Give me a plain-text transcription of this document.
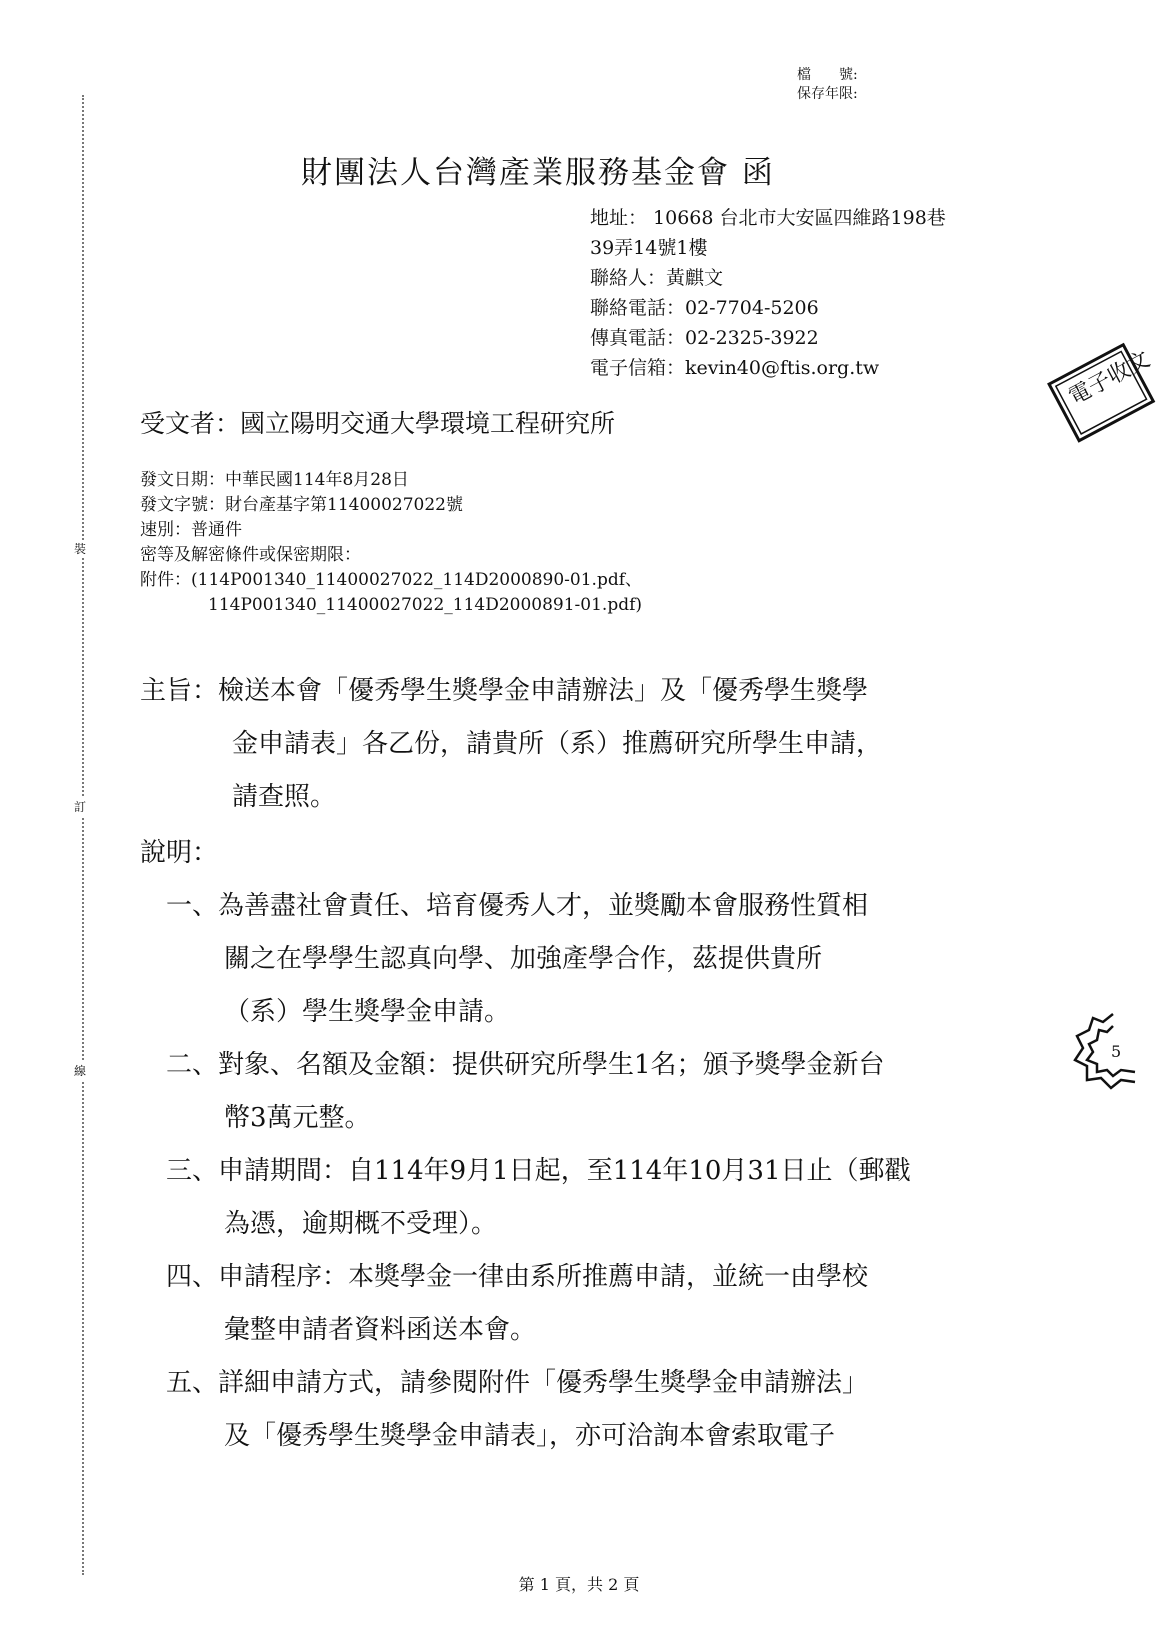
裝
訂
線
檔　　號:
保存年限:
財團法人台灣產業服務基金會 函
地址： 10668 台北市大安區四維路198巷
39弄14號1樓
聯絡人：黃麒文
聯絡電話：02-7704-5206
傳真電話：02-2325-3922
電子信箱：kevin40@ftis.org.tw	電子收文
受文者：國立陽明交通大學環境工程研究所
發文日期：中華民國114年8月28日
發文字號：財台產基字第11400027022號
速別：普通件
密等及解密條件或保密期限：
附件：(114P001340_11400027022_114D2000890-01.pdf、
114P001340_11400027022_114D2000891-01.pdf)
主旨：檢送本會「優秀學生獎學金申請辦法」及「優秀學生獎學
金申請表」各乙份，請貴所（系）推薦研究所學生申請，
請查照。
說明：
一、為善盡社會責任、培育優秀人才，並獎勵本會服務性質相
關之在學學生認真向學、加強產學合作，茲提供貴所
（系）學生獎學金申請。
二、對象、名額及金額：提供研究所學生1名；頒予獎學金新台
幣3萬元整。
三、申請期間：自114年9月1日起，至114年10月31日止（郵戳
為憑，逾期概不受理）。
四、申請程序：本獎學金一律由系所推薦申請，並統一由學校
彙整申請者資料函送本會。
五、詳細申請方式，請參閱附件「優秀學生獎學金申請辦法」
及「優秀學生獎學金申請表」，亦可洽詢本會索取電子
5
第 1 頁，共 2 頁
